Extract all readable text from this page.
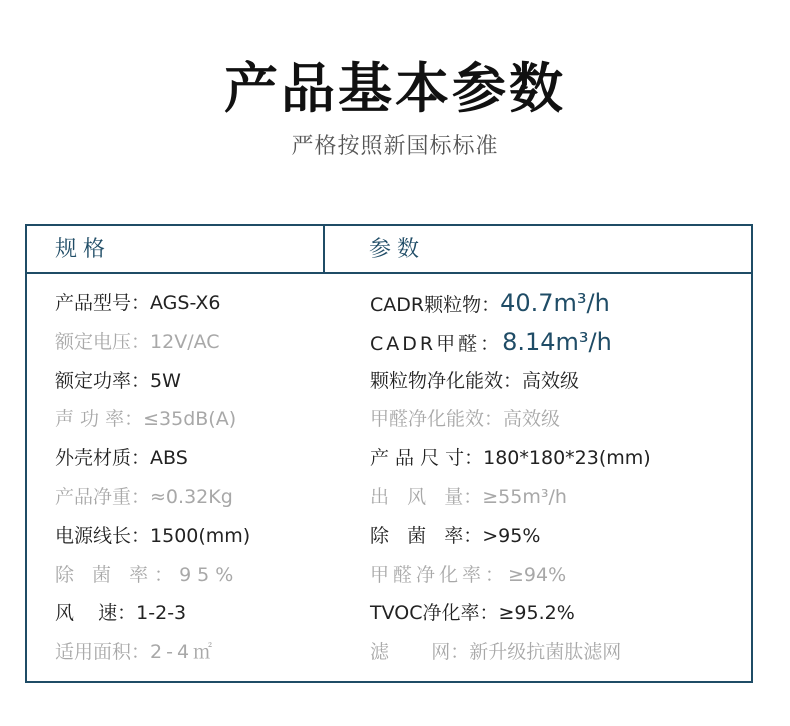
产品基本参数
严格按照新国标标准
规格	参数
产品型号：AGS-X6
额定电压：12V/AC
额定功率：5W
声 功 率：≤35dB(A)
外壳材质：ABS
产品净重：≈0.32Kg
电源线长：1500(mm)
除 菌 率：95%
风    速：1-2-3
适用面积：2-4㎡
CADR颗粒物：40.7m³/h
CADR甲醛：8.14m³/h
颗粒物净化能效：高效级
甲醛净化能效：高效级
产 品 尺 寸：180*180*23(mm)
出   风   量：≥55m³/h
除   菌   率：>95%
甲醛净化率：≥94%
TVOC净化率：≥95.2%
滤       网：新升级抗菌肽滤网
